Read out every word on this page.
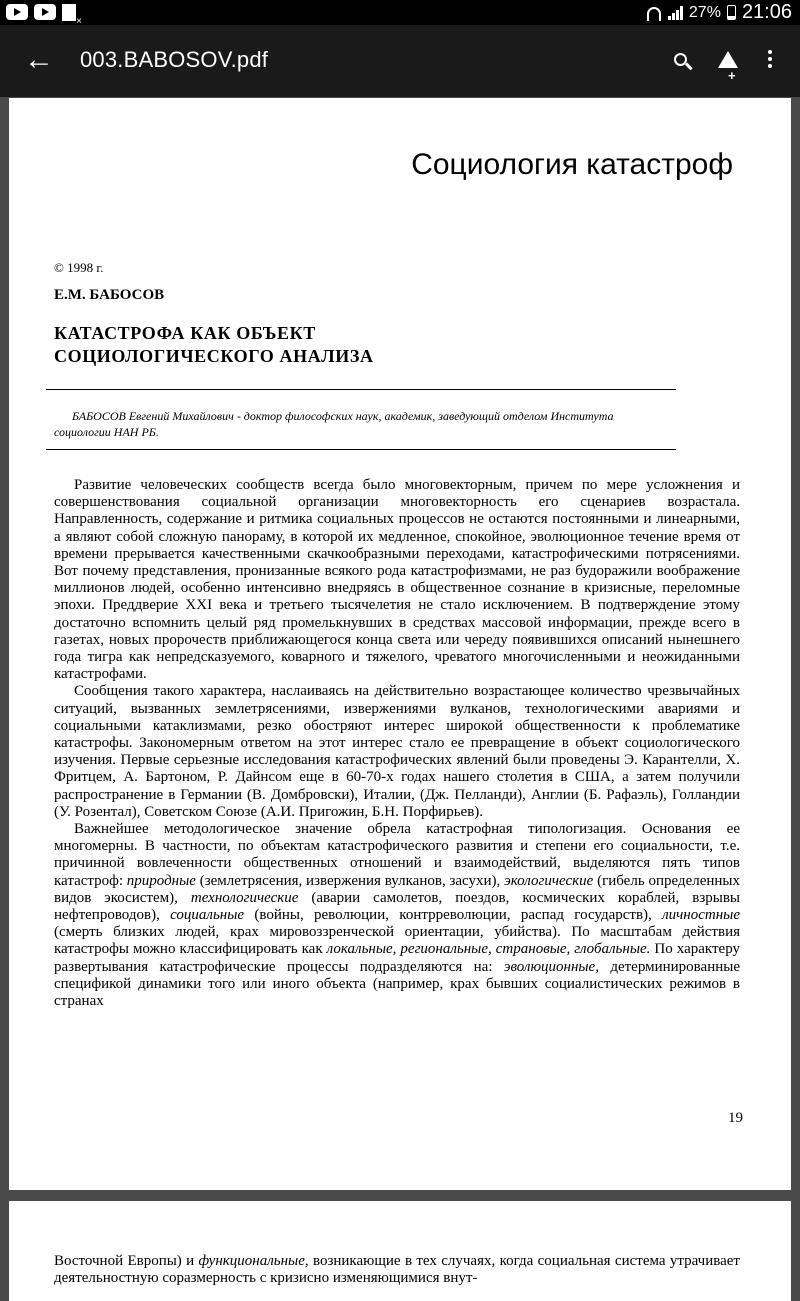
×
27% 21:06
← 003.BABOSOV.pdf
+
Социология катастроф
© 1998 г.
Е.М. БАБОСОВ
КАТАСТРОФА КАК ОБЪЕКТ
СОЦИОЛОГИЧЕСКОГО АНАЛИЗА
БАБОСОВ Евгений Михайлович - доктор философских наук, академик, заведующий отделом Института социологии НАН РБ.

Развитие человеческих сообществ всегда было многовекторным, причем по мере усложнения и совершенствования социальной организации многовекторность его сценариев возрастала. Направленность, содержание и ритмика социальных процессов не остаются постоянными и линеарными, а являют собой сложную панораму, в которой их медленное, спокойное, эволюционное течение время от времени прерывается качественными скачкообразными переходами, катастрофическими потрясениями. Вот почему представления, пронизанные всякого рода катастрофизмами, не раз будоражили воображение миллионов людей, особенно интенсивно внедряясь в общественное сознание в кризисные, переломные эпохи. Преддверие XXI века и третьего тысячелетия не стало исключением. В подтверждение этому достаточно вспомнить целый ряд промелькнувших в средствах массовой информации, прежде всего в газетах, новых пророчеств приближающегося конца света или череду появившихся описаний нынешнего года тигра как непредсказуемого, коварного и тяжелого, чреватого многочисленными и неожиданными катастрофами.

Сообщения такого характера, наслаиваясь на действительно возрастающее количество чрезвычайных ситуаций, вызванных землетрясениями, извержениями вулканов, технологическими авариями и социальными катаклизмами, резко обостряют интерес широкой общественности к проблематике катастрофы. Закономерным ответом на этот интерес стало ее превращение в объект социологического изучения. Первые серьезные исследования катастрофических явлений были проведены Э. Карантелли, Х. Фритцем, А. Бартоном, Р. Дайнсом еще в 60-70-х годах нашего столетия в США, а затем получили распространение в Германии (В. Домбровски), Италии, (Дж. Пелланди), Англии (Б. Рафаэль), Голландии (У. Розентал), Советском Союзе (А.И. Пригожин, Б.Н. Порфирьев).

Важнейшее методологическое значение обрела катастрофная типологизация. Основания ее многомерны. В частности, по объектам катастрофического развития и степени его социальности, т.е. причинной вовлеченности общественных отношений и взаимодействий, выделяются пять типов катастроф: природные (землетрясения, извержения вулканов, засухи), экологические (гибель определенных видов экосистем), технологические (аварии самолетов, поездов, космических кораблей, взрывы нефтепроводов), социальные (войны, революции, контрреволюции, распад государств), личностные (смерть близких людей, крах мировоззренческой ориентации, убийства). По масштабам действия катастрофы можно классифицировать как локальные, региональные, страновые, глобальные. По характеру развертывания катастрофические процессы подразделяются на: эволюционные, детерминированные спецификой динамики того или иного объекта (например, крах бывших социалистических режимов в странах

19

Восточной Европы) и функциональные, возникающие в тех случаях, когда социальная система утрачивает деятельностную соразмерность с кризисно изменяющимися внут-
